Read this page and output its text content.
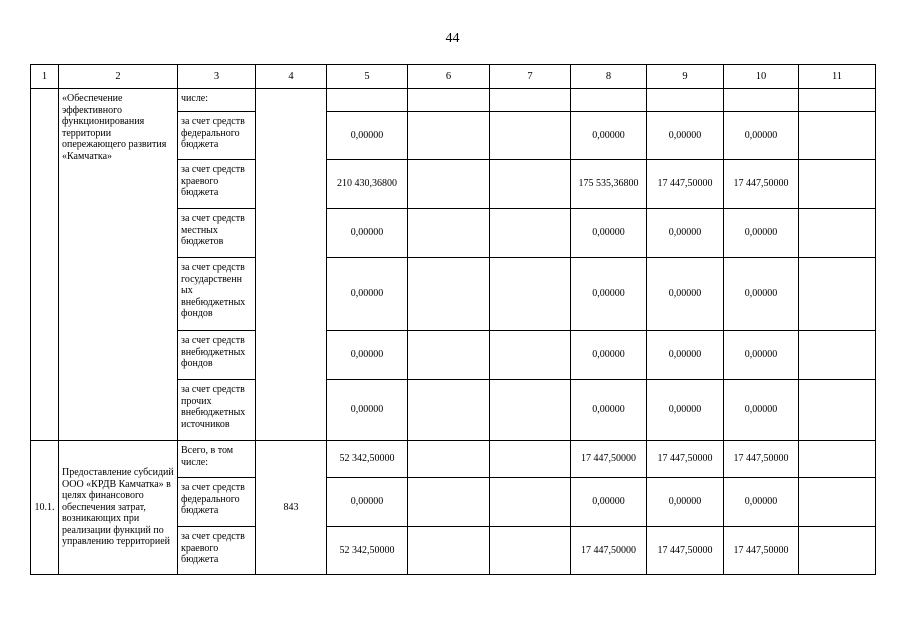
44
1	2	3	4	5	6	7	8	9	10	11
	«Обеспечение эффективного функционирования территории опережающего развития «Камчатка»	числе:								
		за счет средств федерального бюджета		0,00000			0,00000	0,00000	0,00000	
		за счет средств краевого бюджета		210 430,36800			175 535,36800	17 447,50000	17 447,50000	
		за счет средств местных бюджетов		0,00000			0,00000	0,00000	0,00000	
		за счет средств государственн ых внебюджетных фондов		0,00000			0,00000	0,00000	0,00000	
		за счет средств внебюджетных фондов		0,00000			0,00000	0,00000	0,00000	
		за счет средств прочих внебюджетных источников		0,00000			0,00000	0,00000	0,00000	
10.1.	Предоставление субсидий ООО «КРДВ Камчатка» в целях финансового обеспечения затрат, возникающих при реализации функций по управлению территорией	Всего, в том числе:	843	52 342,50000			17 447,50000	17 447,50000	17 447,50000	
		за счет средств федерального бюджета		0,00000			0,00000	0,00000	0,00000	
		за счет средств краевого бюджета		52 342,50000			17 447,50000	17 447,50000	17 447,50000	
